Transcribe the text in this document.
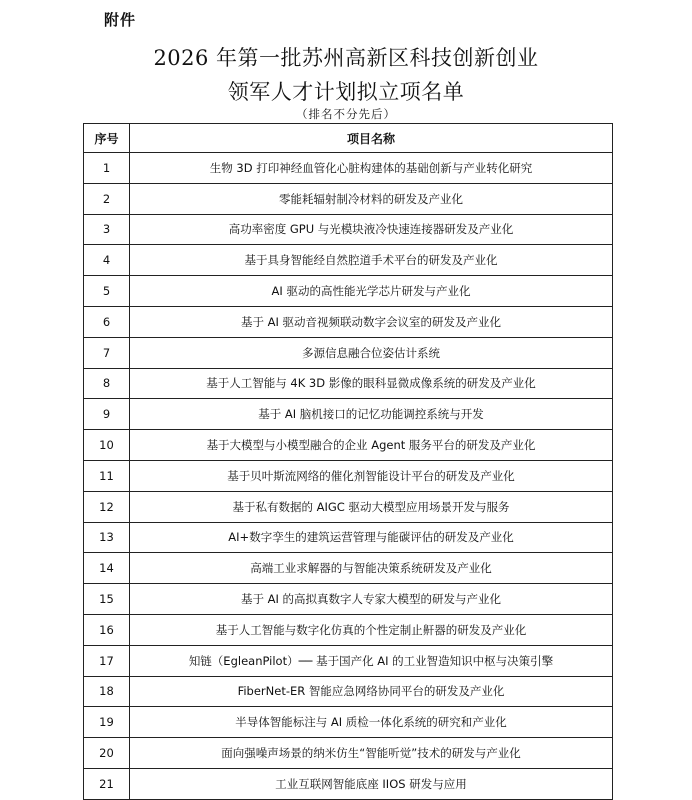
附件
2026 年第一批苏州高新区科技创新创业
领军人才计划拟立项名单
（排名不分先后）
序号	项目名称
1	生物 3D 打印神经血管化心脏构建体的基础创新与产业转化研究
2	零能耗辐射制冷材料的研发及产业化
3	高功率密度 GPU 与光模块液冷快速连接器研发及产业化
4	基于具身智能经自然腔道手术平台的研发及产业化
5	AI 驱动的高性能光学芯片研发与产业化
6	基于 AI 驱动音视频联动数字会议室的研发及产业化
7	多源信息融合位姿估计系统
8	基于人工智能与 4K 3D 影像的眼科显微成像系统的研发及产业化
9	基于 AI 脑机接口的记忆功能调控系统与开发
10	基于大模型与小模型融合的企业 Agent 服务平台的研发及产业化
11	基于贝叶斯流网络的催化剂智能设计平台的研发及产业化
12	基于私有数据的 AIGC 驱动大模型应用场景开发与服务
13	AI+数字孪生的建筑运营管理与能碳评估的研发及产业化
14	高端工业求解器的与智能决策系统研发及产业化
15	基于 AI 的高拟真数字人专家大模型的研发与产业化
16	基于人工智能与数字化仿真的个性定制止鼾器的研发及产业化
17	知链（EgleanPilot）── 基于国产化 AI 的工业智造知识中枢与决策引擎
18	FiberNet-ER 智能应急网络协同平台的研发及产业化
19	半导体智能标注与 AI 质检一体化系统的研究和产业化
20	面向强噪声场景的纳米仿生“智能听觉”技术的研发与产业化
21	工业互联网智能底座 IIOS 研发与应用
